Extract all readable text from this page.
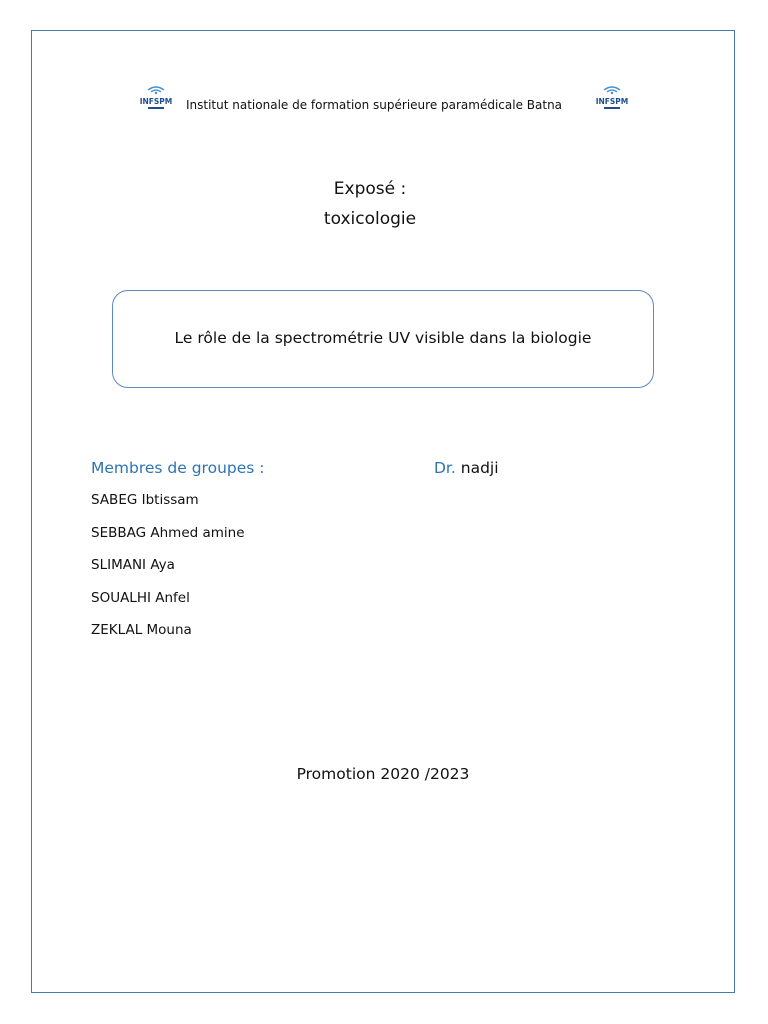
INFSPM Institut nationale de formation supérieure paramédicale Batna	INFSPM
Exposé :
toxicologie
Le rôle de la spectrométrie UV visible dans la biologie
Membres de groupes :	Dr. nadji
SABEG Ibtissam
SEBBAG Ahmed amine
SLIMANI Aya
SOUALHI Anfel
ZEKLAL Mouna
Promotion 2020 /2023
